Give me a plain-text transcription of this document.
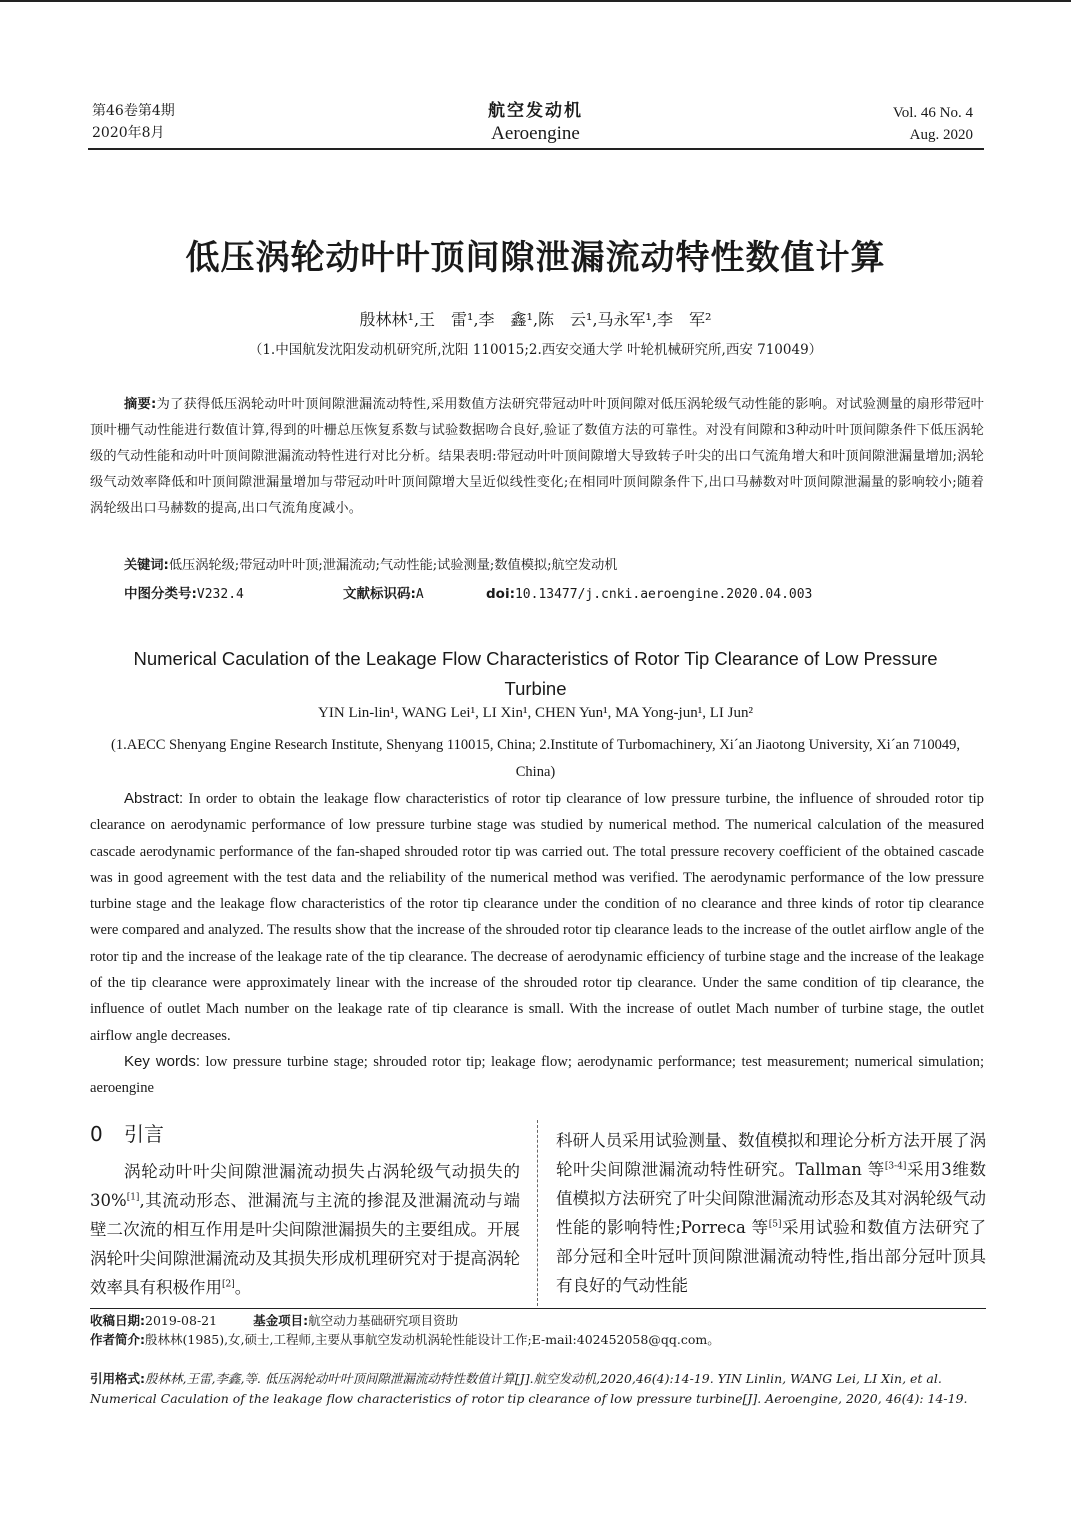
第46卷第4期
2020年8月
航空发动机
Aeroengine
Vol. 46 No. 4
Aug. 2020
低压涡轮动叶叶顶间隙泄漏流动特性数值计算
殷林林¹,王　雷¹,李　鑫¹,陈　云¹,马永军¹,李　军²
（1.中国航发沈阳发动机研究所,沈阳 110015;2.西安交通大学 叶轮机械研究所,西安 710049）
摘要:为了获得低压涡轮动叶叶顶间隙泄漏流动特性,采用数值方法研究带冠动叶叶顶间隙对低压涡轮级气动性能的影响。对试验测量的扇形带冠叶顶叶栅气动性能进行数值计算,得到的叶栅总压恢复系数与试验数据吻合良好,验证了数值方法的可靠性。对没有间隙和3种动叶叶顶间隙条件下低压涡轮级的气动性能和动叶叶顶间隙泄漏流动特性进行对比分析。结果表明:带冠动叶叶顶间隙增大导致转子叶尖的出口气流角增大和叶顶间隙泄漏量增加;涡轮级气动效率降低和叶顶间隙泄漏量增加与带冠动叶叶顶间隙增大呈近似线性变化;在相同叶顶间隙条件下,出口马赫数对叶顶间隙泄漏量的影响较小;随着涡轮级出口马赫数的提高,出口气流角度减小。
关键词:低压涡轮级;带冠动叶叶顶;泄漏流动;气动性能;试验测量;数值模拟;航空发动机
中图分类号:V232.4	文献标识码:A	doi:10.13477/j.cnki.aeroengine.2020.04.003
Numerical Caculation of the Leakage Flow Characteristics of Rotor Tip Clearance of Low Pressure Turbine
YIN Lin-lin¹, WANG Lei¹, LI Xin¹, CHEN Yun¹, MA Yong-jun¹, LI Jun²
(1.AECC Shenyang Engine Research Institute, Shenyang 110015, China; 2.Institute of Turbomachinery, Xi´an Jiaotong University, Xi´an 710049, China)
Abstract: In order to obtain the leakage flow characteristics of rotor tip clearance of low pressure turbine, the influence of shrouded rotor tip clearance on aerodynamic performance of low pressure turbine stage was studied by numerical method. The numerical calculation of the measured cascade aerodynamic performance of the fan-shaped shrouded rotor tip was carried out. The total pressure recovery coefficient of the obtained cascade was in good agreement with the test data and the reliability of the numerical method was verified. The aerodynamic performance of the low pressure turbine stage and the leakage flow characteristics of the rotor tip clearance under the condition of no clearance and three kinds of rotor tip clearance were compared and analyzed. The results show that the increase of the shrouded rotor tip clearance leads to the increase of the outlet airflow angle of the rotor tip and the increase of the leakage rate of the tip clearance. The decrease of aerodynamic efficiency of turbine stage and the increase of the leakage of the tip clearance were approximately linear with the increase of the shrouded rotor tip clearance. Under the same condition of tip clearance, the influence of outlet Mach number on the leakage rate of tip clearance is small. With the increase of outlet Mach number of turbine stage, the outlet airflow angle decreases.
Key words: low pressure turbine stage; shrouded rotor tip; leakage flow; aerodynamic performance; test measurement; numerical simulation; aeroengine
0 引言
涡轮动叶叶尖间隙泄漏流动损失占涡轮级气动损失的30%[1],其流动形态、泄漏流与主流的掺混及泄漏流动与端壁二次流的相互作用是叶尖间隙泄漏损失的主要组成。开展涡轮叶尖间隙泄漏流动及其损失形成机理研究对于提高涡轮效率具有积极作用[2]。
科研人员采用试验测量、数值模拟和理论分析方法开展了涡轮叶尖间隙泄漏流动特性研究。Tallman 等[3-4]采用3维数值模拟方法研究了叶尖间隙泄漏流动形态及其对涡轮级气动性能的影响特性;Porreca 等[5]采用试验和数值方法研究了部分冠和全叶冠叶顶间隙泄漏流动特性,指出部分冠叶顶具有良好的气动性能
收稿日期:2019-08-21	基金项目:航空动力基础研究项目资助
作者简介:殷林林(1985),女,硕士,工程师,主要从事航空发动机涡轮性能设计工作;E-mail:402452058@qq.com。
引用格式:殷林林,王雷,李鑫,等. 低压涡轮动叶叶顶间隙泄漏流动特性数值计算[J].航空发动机,2020,46(4):14-19. YIN Linlin, WANG Lei, LI Xin, et al. Numerical Caculation of the leakage flow characteristics of rotor tip clearance of low pressure turbine[J]. Aeroengine, 2020, 46(4): 14-19.
